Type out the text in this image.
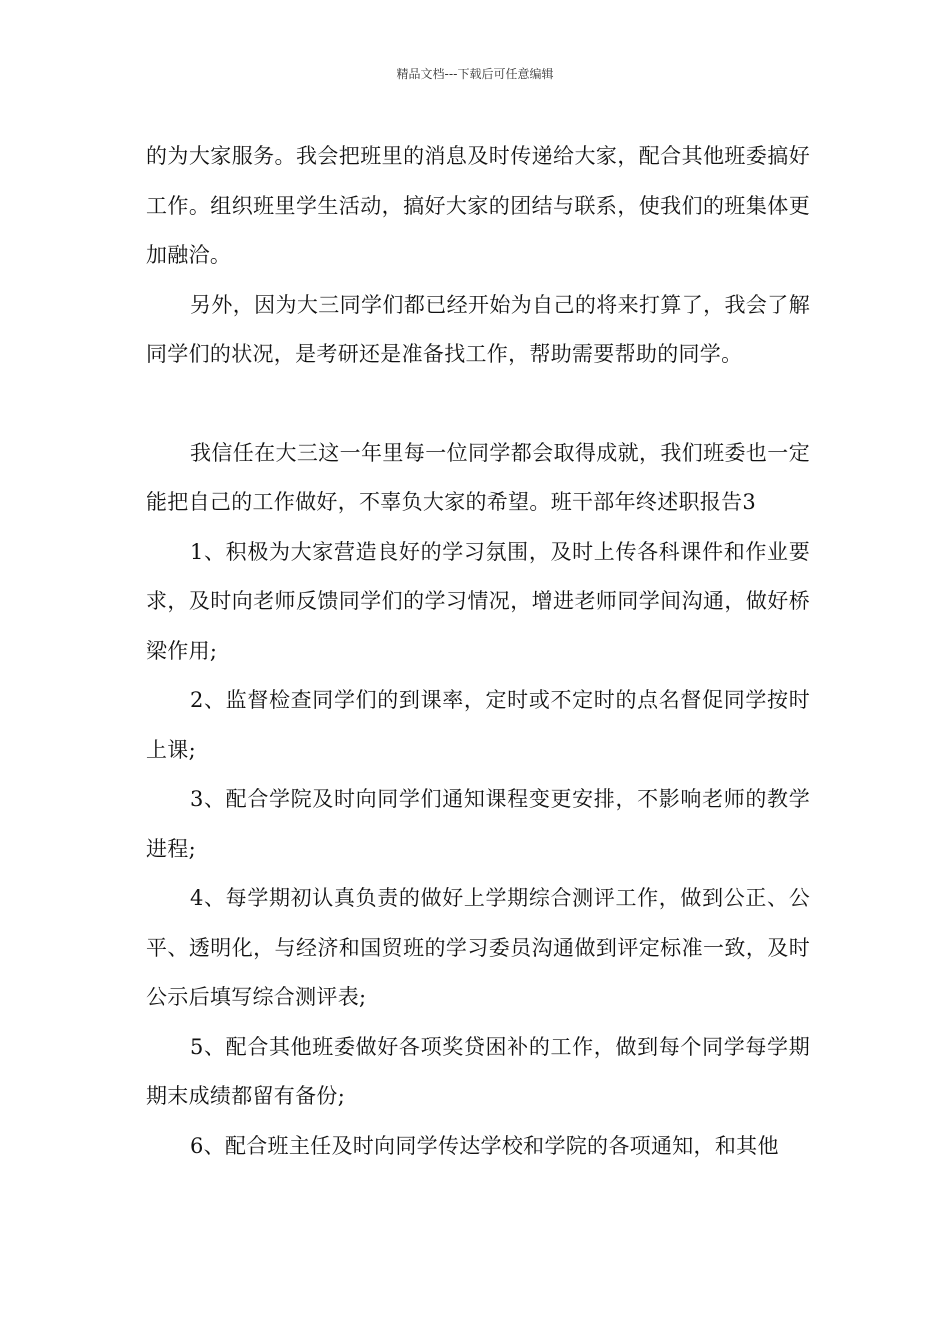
精品文档---下载后可任意编辑

的为大家服务。我会把班里的消息及时传递给大家，配合其他班委搞好工作。组织班里学生活动，搞好大家的团结与联系，使我们的班集体更加融洽。

另外，因为大三同学们都已经开始为自己的将来打算了，我会了解同学们的状况，是考研还是准备找工作，帮助需要帮助的同学。

我信任在大三这一年里每一位同学都会取得成就，我们班委也一定能把自己的工作做好，不辜负大家的希望。班干部年终述职报告3

1、积极为大家营造良好的学习氛围，及时上传各科课件和作业要求，及时向老师反馈同学们的学习情况，增进老师同学间沟通，做好桥梁作用;

2、监督检查同学们的到课率，定时或不定时的点名督促同学按时上课;

3、配合学院及时向同学们通知课程变更安排，不影响老师的教学进程;

4、每学期初认真负责的做好上学期综合测评工作，做到公正、公平、透明化，与经济和国贸班的学习委员沟通做到评定标准一致，及时公示后填写综合测评表;

5、配合其他班委做好各项奖贷困补的工作，做到每个同学每学期期末成绩都留有备份;

6、配合班主任及时向同学传达学校和学院的各项通知，和其他
